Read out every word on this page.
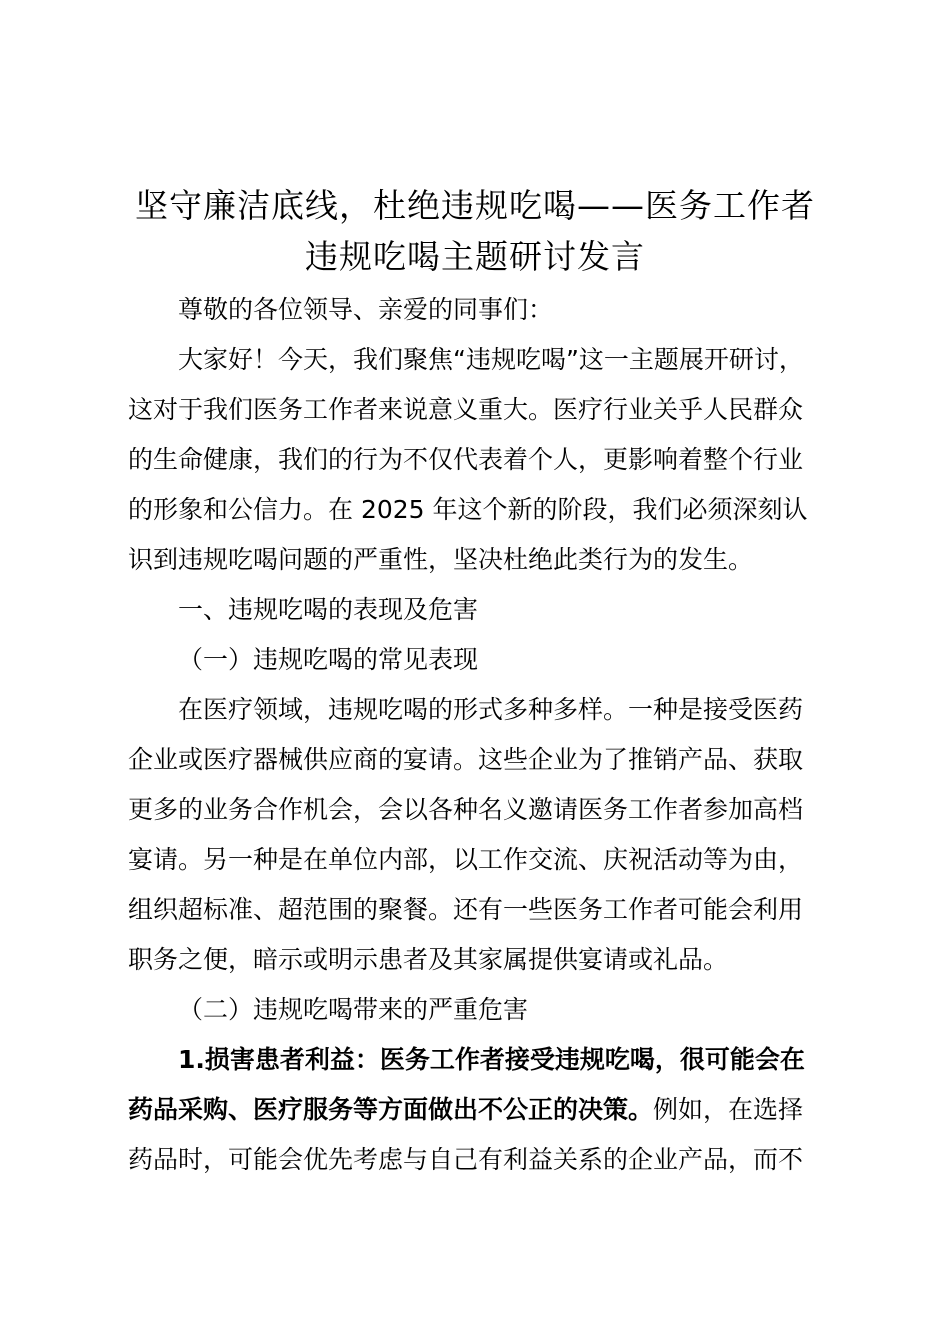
坚守廉洁底线，杜绝违规吃喝——医务工作者
违规吃喝主题研讨发言
尊敬的各位领导、亲爱的同事们：
大家好！今天，我们聚焦“违规吃喝”这一主题展开研讨，
这对于我们医务工作者来说意义重大。医疗行业关乎人民群众
的生命健康，我们的行为不仅代表着个人，更影响着整个行业
的形象和公信力。在 2025 年这个新的阶段，我们必须深刻认
识到违规吃喝问题的严重性，坚决杜绝此类行为的发生。
一、违规吃喝的表现及危害
（一）违规吃喝的常见表现
在医疗领域，违规吃喝的形式多种多样。一种是接受医药
企业或医疗器械供应商的宴请。这些企业为了推销产品、获取
更多的业务合作机会，会以各种名义邀请医务工作者参加高档
宴请。另一种是在单位内部，以工作交流、庆祝活动等为由，
组织超标准、超范围的聚餐。还有一些医务工作者可能会利用
职务之便，暗示或明示患者及其家属提供宴请或礼品。
（二）违规吃喝带来的严重危害
1.损害患者利益：医务工作者接受违规吃喝，很可能会在
药品采购、医疗服务等方面做出不公正的决策。例如，在选择
药品时，可能会优先考虑与自己有利益关系的企业产品，而不
